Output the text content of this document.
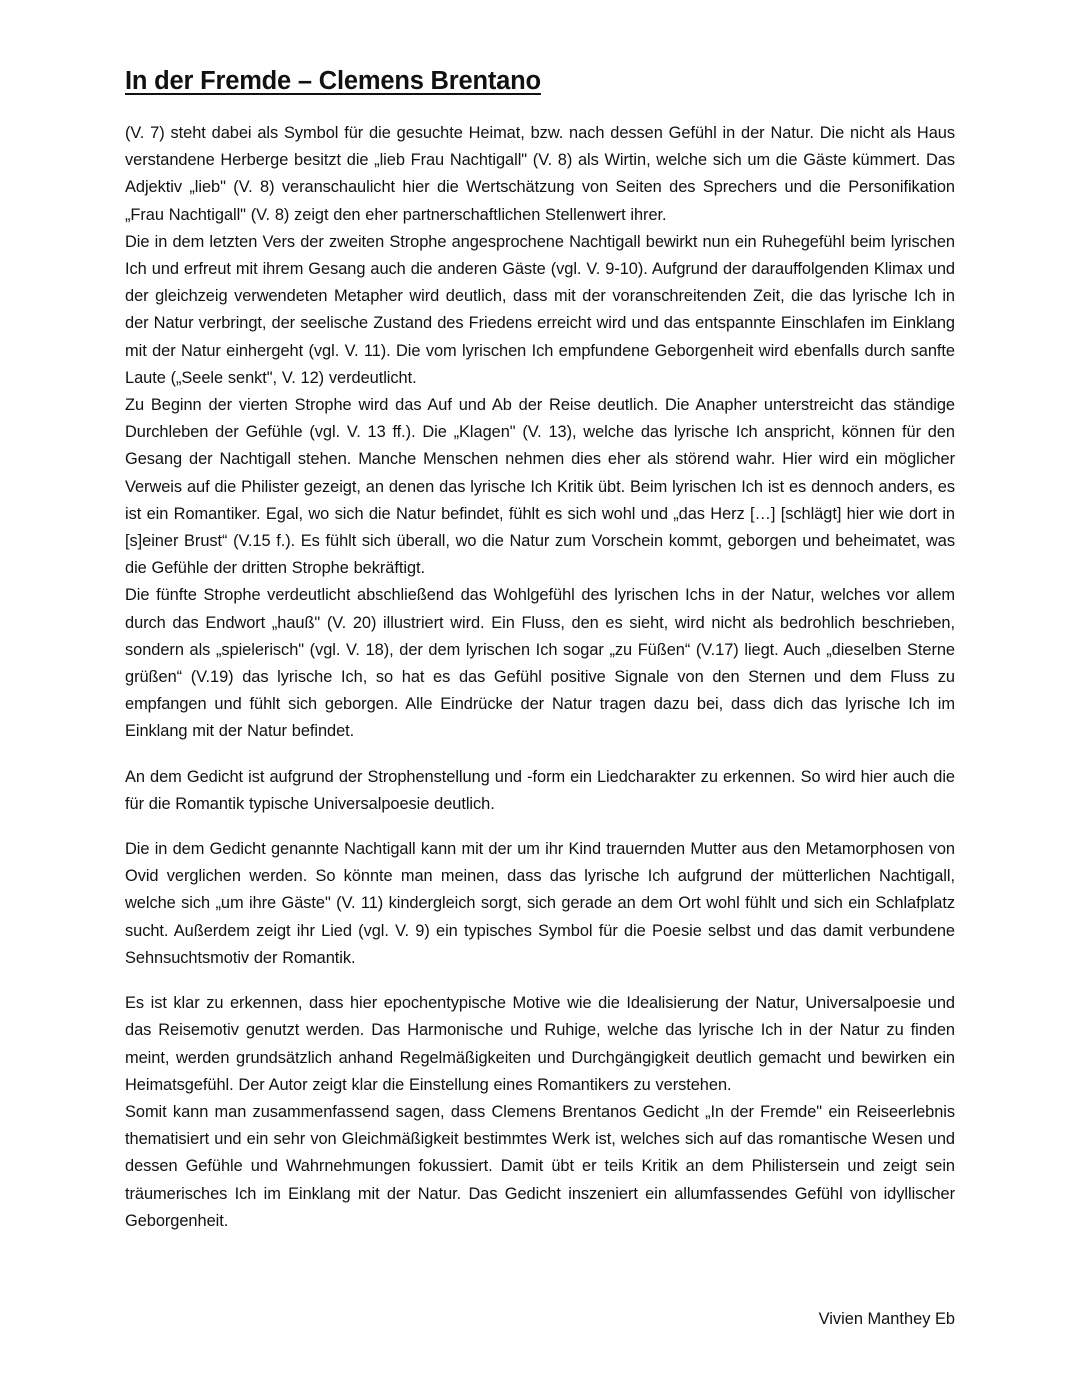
In der Fremde – Clemens Brentano

(V. 7) steht dabei als Symbol für die gesuchte Heimat, bzw. nach dessen Gefühl in der Natur. Die nicht als Haus verstandene Herberge besitzt die „lieb Frau Nachtigall" (V. 8) als Wirtin, welche sich um die Gäste kümmert. Das Adjektiv „lieb" (V. 8) veranschaulicht hier die Wertschätzung von Seiten des Sprechers und die Personifikation „Frau Nachtigall" (V. 8) zeigt den eher partnerschaftlichen Stellenwert ihrer.

Die in dem letzten Vers der zweiten Strophe angesprochene Nachtigall bewirkt nun ein Ruhegefühl beim lyrischen Ich und erfreut mit ihrem Gesang auch die anderen Gäste (vgl. V. 9-10). Aufgrund der darauffolgenden Klimax und der gleichzeig verwendeten Metapher wird deutlich, dass mit der voranschreitenden Zeit, die das lyrische Ich in der Natur verbringt, der seelische Zustand des Friedens erreicht wird und das entspannte Einschlafen im Einklang mit der Natur einhergeht (vgl. V. 11). Die vom lyrischen Ich empfundene Geborgenheit wird ebenfalls durch sanfte Laute („Seele senkt", V. 12) verdeutlicht.

Zu Beginn der vierten Strophe wird das Auf und Ab der Reise deutlich. Die Anapher unterstreicht das ständige Durchleben der Gefühle (vgl. V. 13 ff.). Die „Klagen" (V. 13), welche das lyrische Ich anspricht, können für den Gesang der Nachtigall stehen. Manche Menschen nehmen dies eher als störend wahr. Hier wird ein möglicher Verweis auf die Philister gezeigt, an denen das lyrische Ich Kritik übt. Beim lyrischen Ich ist es dennoch anders, es ist ein Romantiker. Egal, wo sich die Natur befindet, fühlt es sich wohl und „das Herz […] [schlägt] hier wie dort in [s]einer Brust“ (V.15 f.). Es fühlt sich überall, wo die Natur zum Vorschein kommt, geborgen und beheimatet, was die Gefühle der dritten Strophe bekräftigt.

Die fünfte Strophe verdeutlicht abschließend das Wohlgefühl des lyrischen Ichs in der Natur, welches vor allem durch das Endwort „hauß" (V. 20) illustriert wird. Ein Fluss, den es sieht, wird nicht als bedrohlich beschrieben, sondern als „spielerisch" (vgl. V. 18), der dem lyrischen Ich sogar „zu Füßen“ (V.17) liegt. Auch „dieselben Sterne grüßen“ (V.19) das lyrische Ich, so hat es das Gefühl positive Signale von den Sternen und dem Fluss zu empfangen und fühlt sich geborgen. Alle Eindrücke der Natur tragen dazu bei, dass dich das lyrische Ich im Einklang mit der Natur befindet.

An dem Gedicht ist aufgrund der Strophenstellung und -form ein Liedcharakter zu erkennen. So wird hier auch die für die Romantik typische Universalpoesie deutlich.

Die in dem Gedicht genannte Nachtigall kann mit der um ihr Kind trauernden Mutter aus den Metamorphosen von Ovid verglichen werden. So könnte man meinen, dass das lyrische Ich aufgrund der mütterlichen Nachtigall, welche sich „um ihre Gäste" (V. 11) kindergleich sorgt, sich gerade an dem Ort wohl fühlt und sich ein Schlafplatz sucht. Außerdem zeigt ihr Lied (vgl. V. 9) ein typisches Symbol für die Poesie selbst und das damit verbundene Sehnsuchtsmotiv der Romantik.

Es ist klar zu erkennen, dass hier epochentypische Motive wie die Idealisierung der Natur, Universalpoesie und das Reisemotiv genutzt werden. Das Harmonische und Ruhige, welche das lyrische Ich in der Natur zu finden meint, werden grundsätzlich anhand Regelmäßigkeiten und Durchgängigkeit deutlich gemacht und bewirken ein Heimatsgefühl. Der Autor zeigt klar die Einstellung eines Romantikers zu verstehen.

Somit kann man zusammenfassend sagen, dass Clemens Brentanos Gedicht „In der Fremde" ein Reiseerlebnis thematisiert und ein sehr von Gleichmäßigkeit bestimmtes Werk ist, welches sich auf das romantische Wesen und dessen Gefühle und Wahrnehmungen fokussiert. Damit übt er teils Kritik an dem Philistersein und zeigt sein träumerisches Ich im Einklang mit der Natur. Das Gedicht inszeniert ein allumfassendes Gefühl von idyllischer Geborgenheit.

Vivien Manthey Eb
